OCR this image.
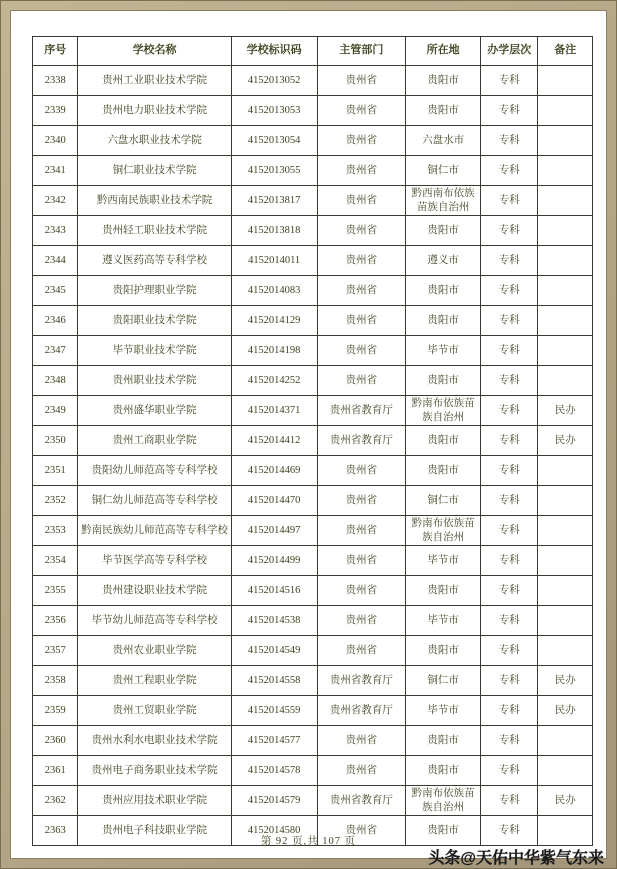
序号	学校名称	学校标识码	主管部门	所在地	办学层次	备注
2338	贵州工业职业技术学院	4152013052	贵州省	贵阳市	专科	
2339	贵州电力职业技术学院	4152013053	贵州省	贵阳市	专科	
2340	六盘水职业技术学院	4152013054	贵州省	六盘水市	专科	
2341	铜仁职业技术学院	4152013055	贵州省	铜仁市	专科	
2342	黔西南民族职业技术学院	4152013817	贵州省	黔西南布依族苗族自治州	专科	
2343	贵州轻工职业技术学院	4152013818	贵州省	贵阳市	专科	
2344	遵义医药高等专科学校	4152014011	贵州省	遵义市	专科	
2345	贵阳护理职业学院	4152014083	贵州省	贵阳市	专科	
2346	贵阳职业技术学院	4152014129	贵州省	贵阳市	专科	
2347	毕节职业技术学院	4152014198	贵州省	毕节市	专科	
2348	贵州职业技术学院	4152014252	贵州省	贵阳市	专科	
2349	贵州盛华职业学院	4152014371	贵州省教育厅	黔南布依族苗族自治州	专科	民办
2350	贵州工商职业学院	4152014412	贵州省教育厅	贵阳市	专科	民办
2351	贵阳幼儿师范高等专科学校	4152014469	贵州省	贵阳市	专科	
2352	铜仁幼儿师范高等专科学校	4152014470	贵州省	铜仁市	专科	
2353	黔南民族幼儿师范高等专科学校	4152014497	贵州省	黔南布依族苗族自治州	专科	
2354	毕节医学高等专科学校	4152014499	贵州省	毕节市	专科	
2355	贵州建设职业技术学院	4152014516	贵州省	贵阳市	专科	
2356	毕节幼儿师范高等专科学校	4152014538	贵州省	毕节市	专科	
2357	贵州农业职业学院	4152014549	贵州省	贵阳市	专科	
2358	贵州工程职业学院	4152014558	贵州省教育厅	铜仁市	专科	民办
2359	贵州工贸职业学院	4152014559	贵州省教育厅	毕节市	专科	民办
2360	贵州水利水电职业技术学院	4152014577	贵州省	贵阳市	专科	
2361	贵州电子商务职业技术学院	4152014578	贵州省	贵阳市	专科	
2362	贵州应用技术职业学院	4152014579	贵州省教育厅	黔南布依族苗族自治州	专科	民办
2363	贵州电子科技职业学院	4152014580	贵州省	贵阳市	专科	
第 92 页,共 107 页
头条@天佑中华紫气东来
